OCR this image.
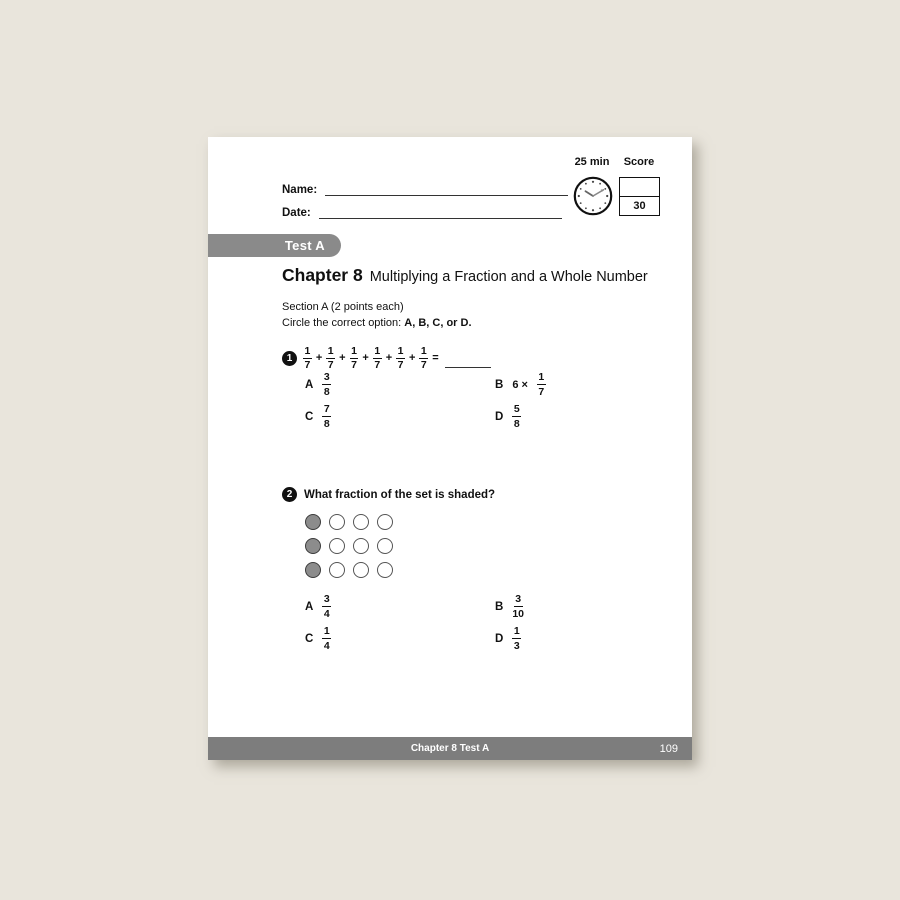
25 min	Score
30
Name:
Date:
Test A
Chapter 8 Multiplying a Fraction and a Whole Number
Section A (2 points each)
Circle the correct option: A, B, C, or D.
1	$\frac{1}{7} + \frac{1}{7} + \frac{1}{7} + \frac{1}{7} + \frac{1}{7} + \frac{1}{7}$ =
A $\frac{3}{8}$	B $6 \times \frac{1}{7}$
C $\frac{7}{8}$	D $\frac{5}{8}$
2	What fraction of the set is shaded?
A $\frac{3}{4}$	B $\frac{3}{10}$
C $\frac{1}{4}$	D $\frac{1}{3}$
Chapter 8 Test A	109
